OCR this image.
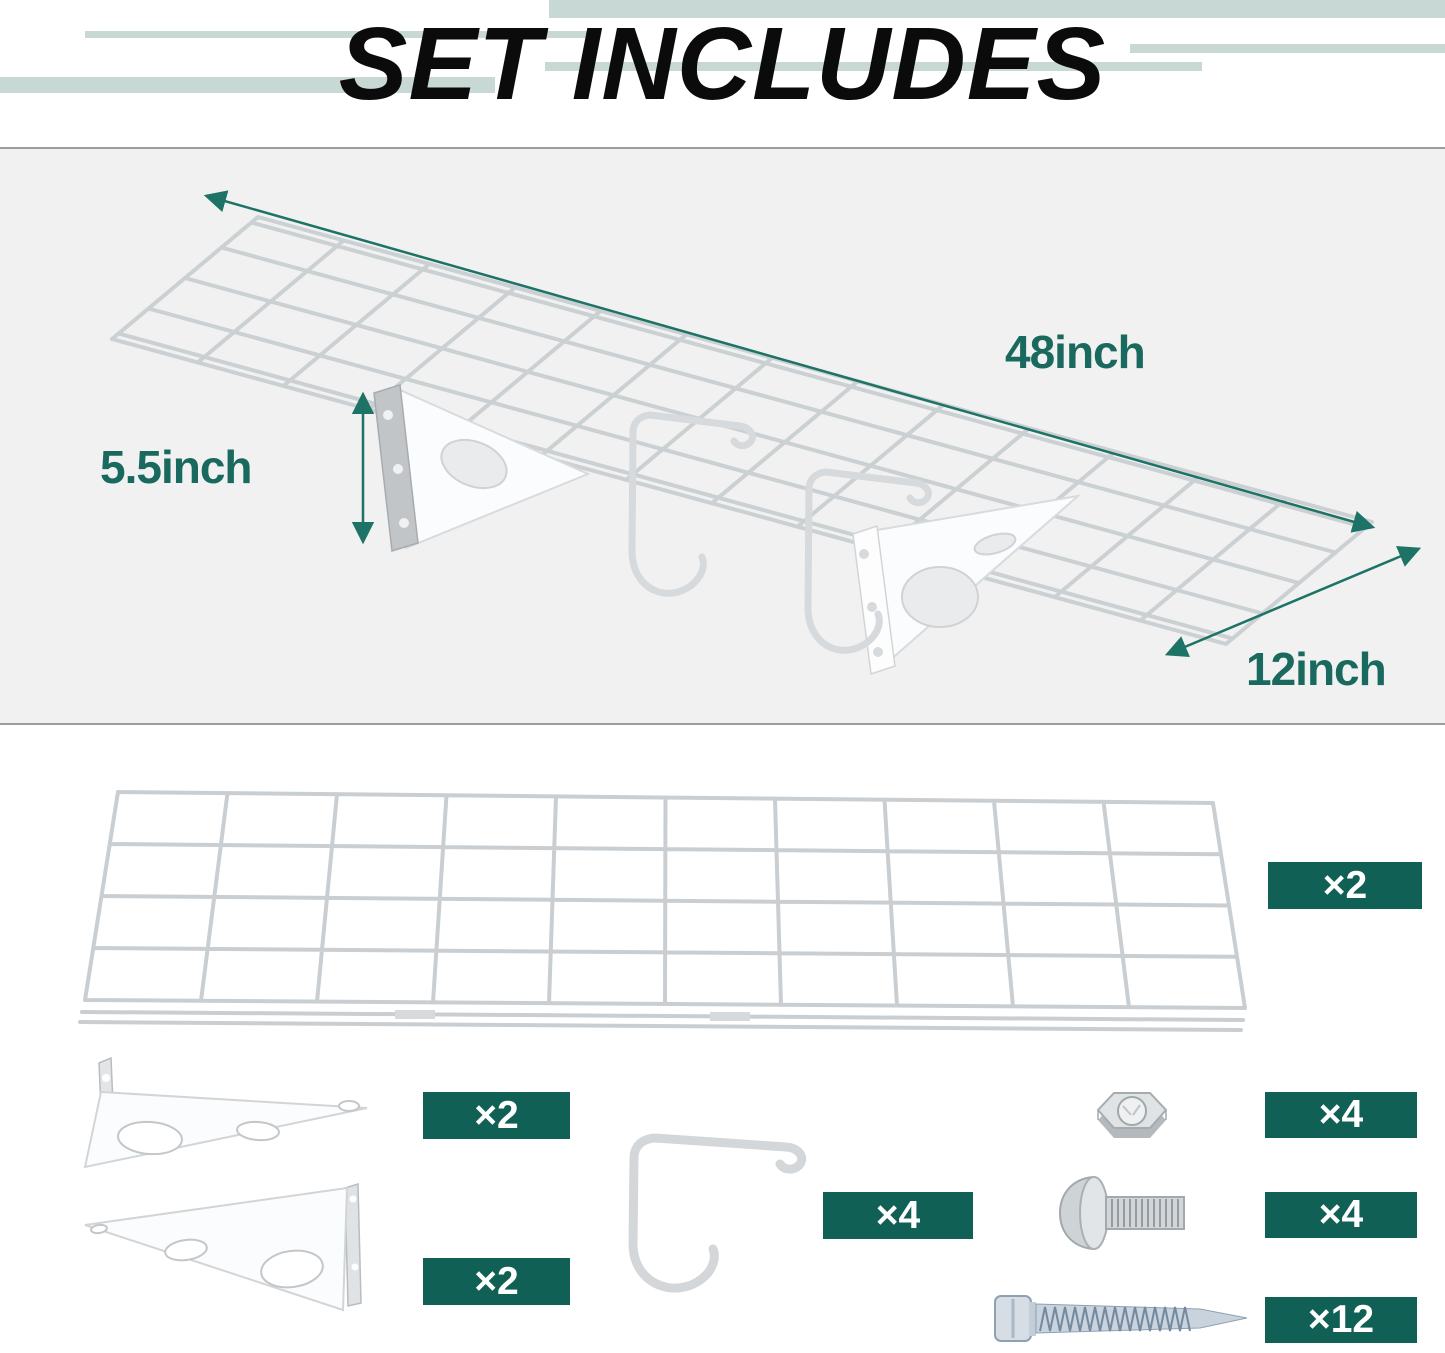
SET INCLUDES
48inch
5.5inch
12inch
×2
×2
×2
×4
×4
×4
×12
